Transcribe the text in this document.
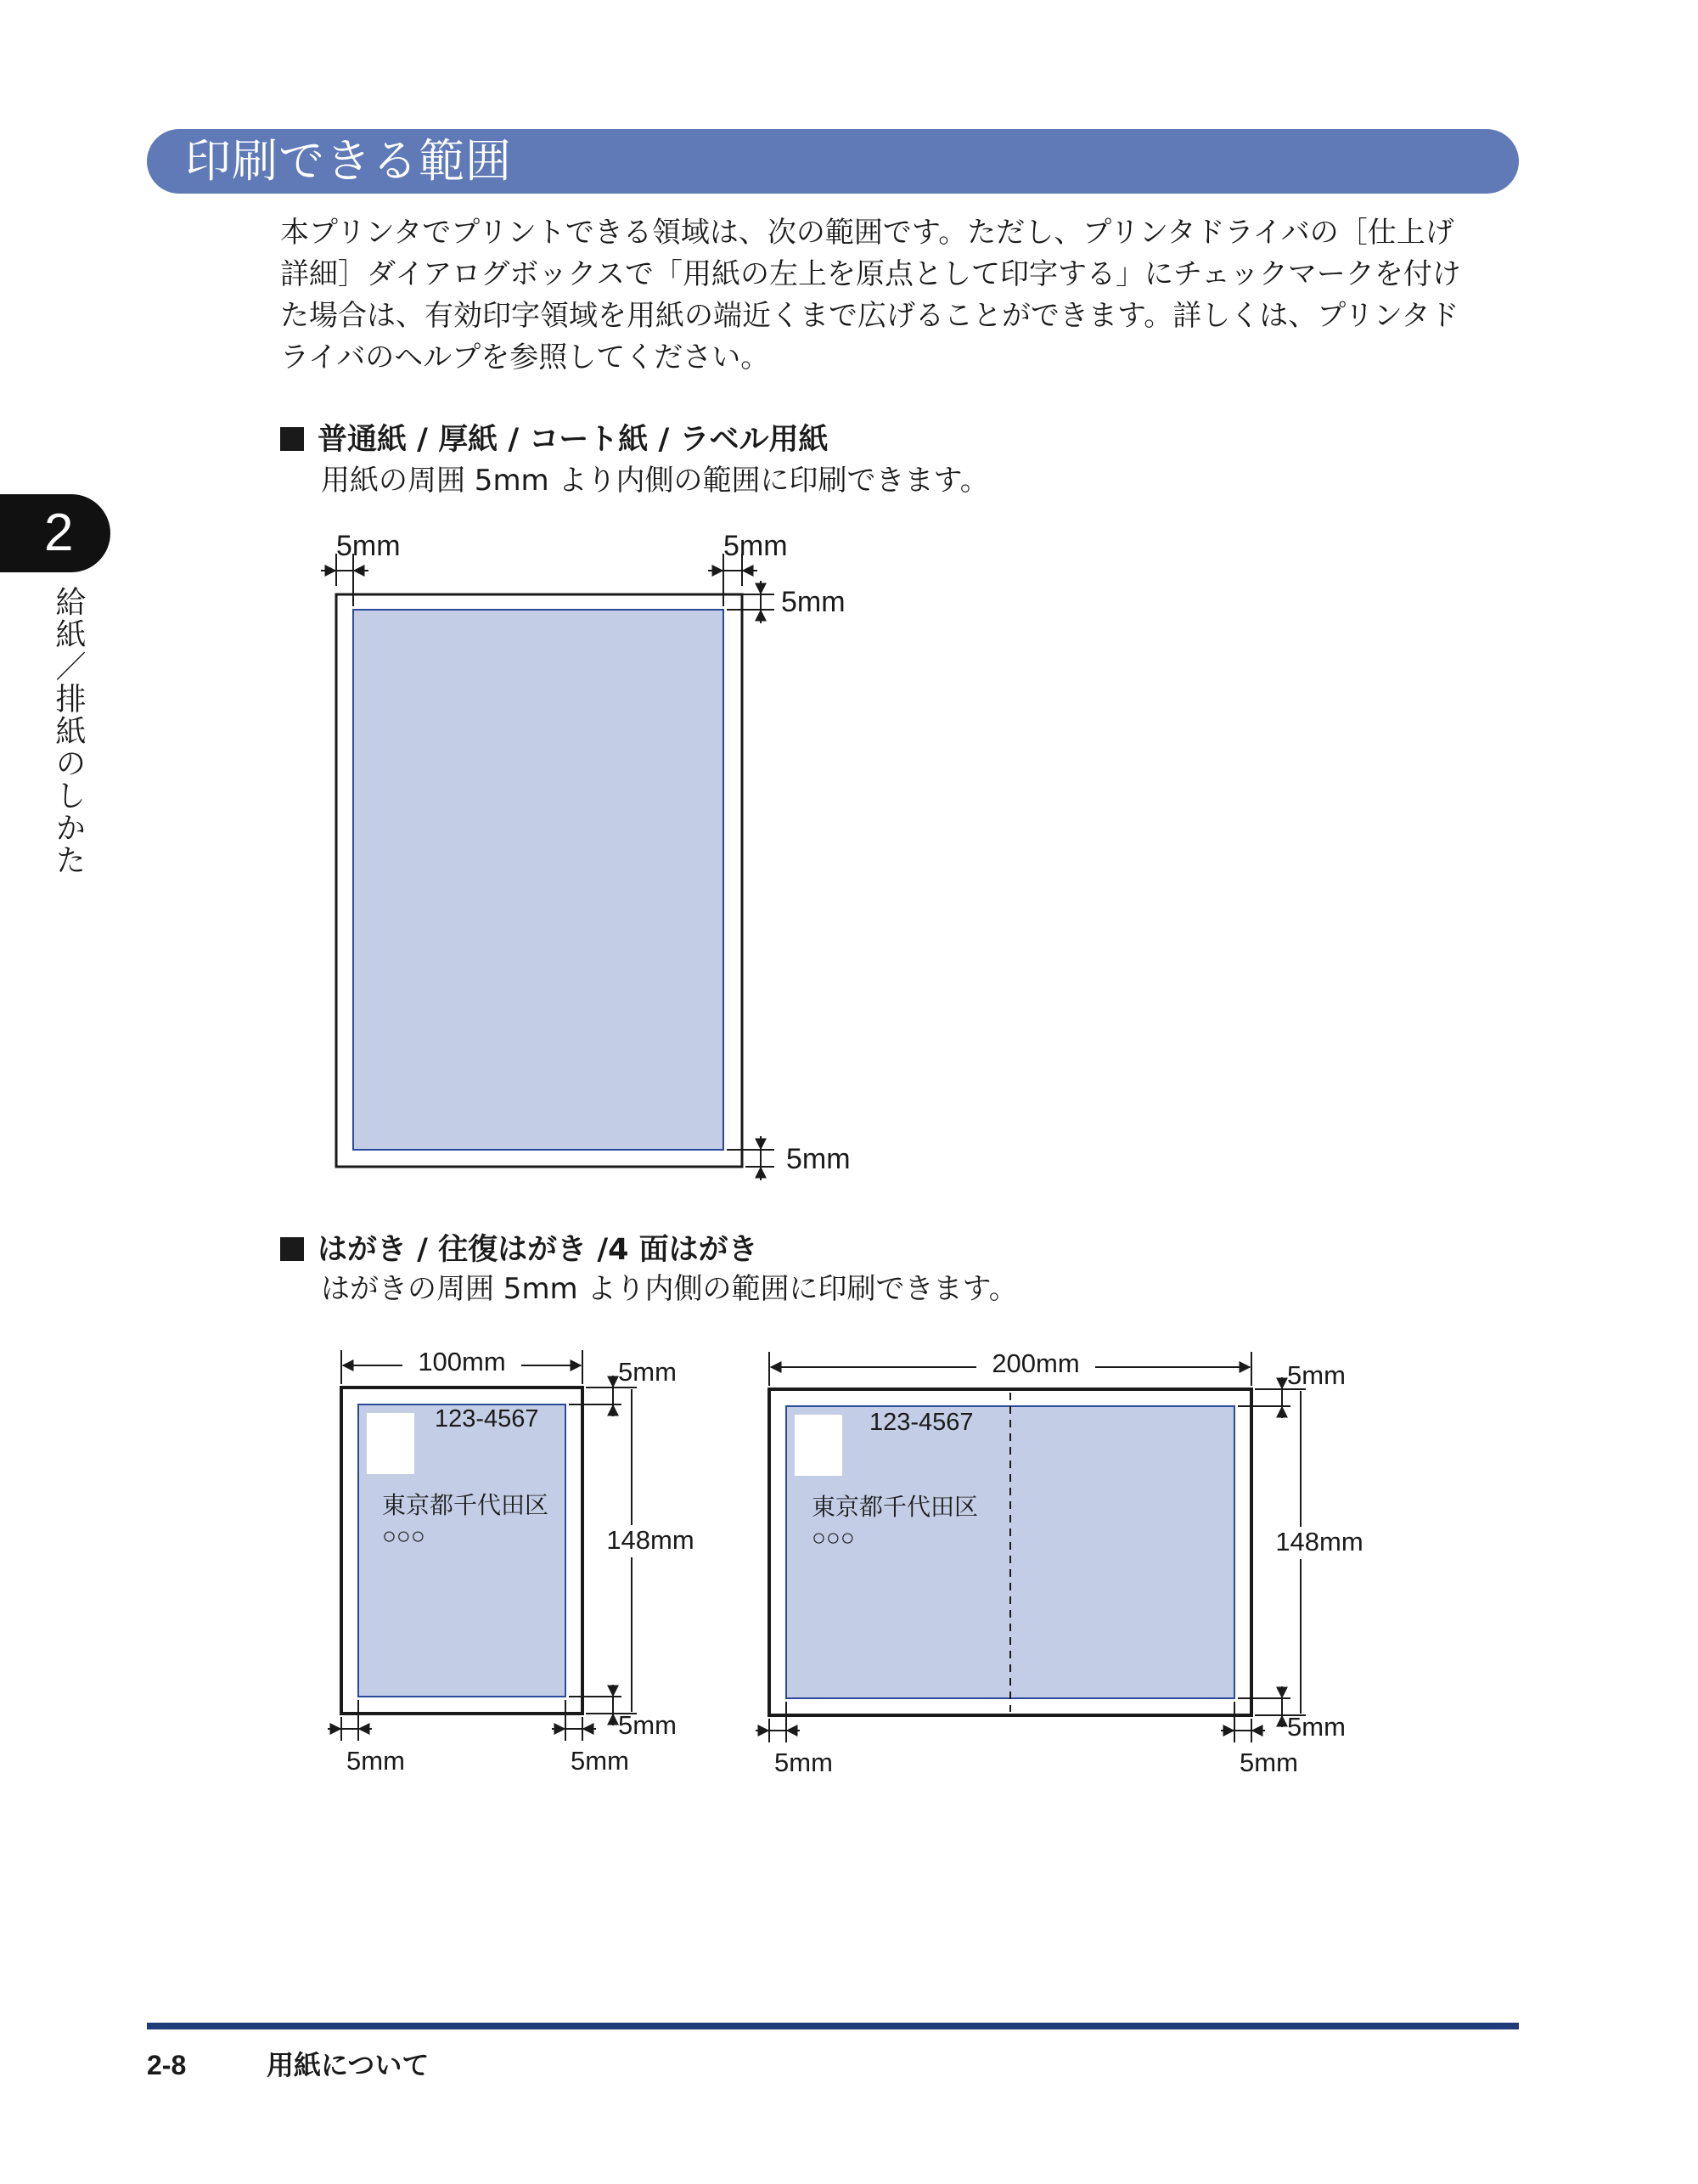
印刷できる範囲

本プリンタでプリントできる領域は、次の範囲です。ただし、プリンタドライバの［仕上げ
詳細］ダイアログボックスで「用紙の左上を原点として印字する」にチェックマークを付け
た場合は、有効印字領域を用紙の端近くまで広げることができます。詳しくは、プリンタド
ライバのヘルプを参照してください。

普通紙 / 厚紙 / コート紙 / ラベル用紙

用紙の周囲 5mm より内側の範囲に印刷できます。

はがき / 往復はがき /4 面はがき

はがきの周囲 5mm より内側の範囲に印刷できます。

5mm	5mm
5mm
5mm
123-4567
東京都千代田区
○○○
100mm	5mm
148mm
5mm
5mm	5mm
123-4567
東京都千代田区
○○○
200mm	5mm
148mm
5mm
5mm	5mm
2
給紙／排紙のしかた
2-8	用紙について
